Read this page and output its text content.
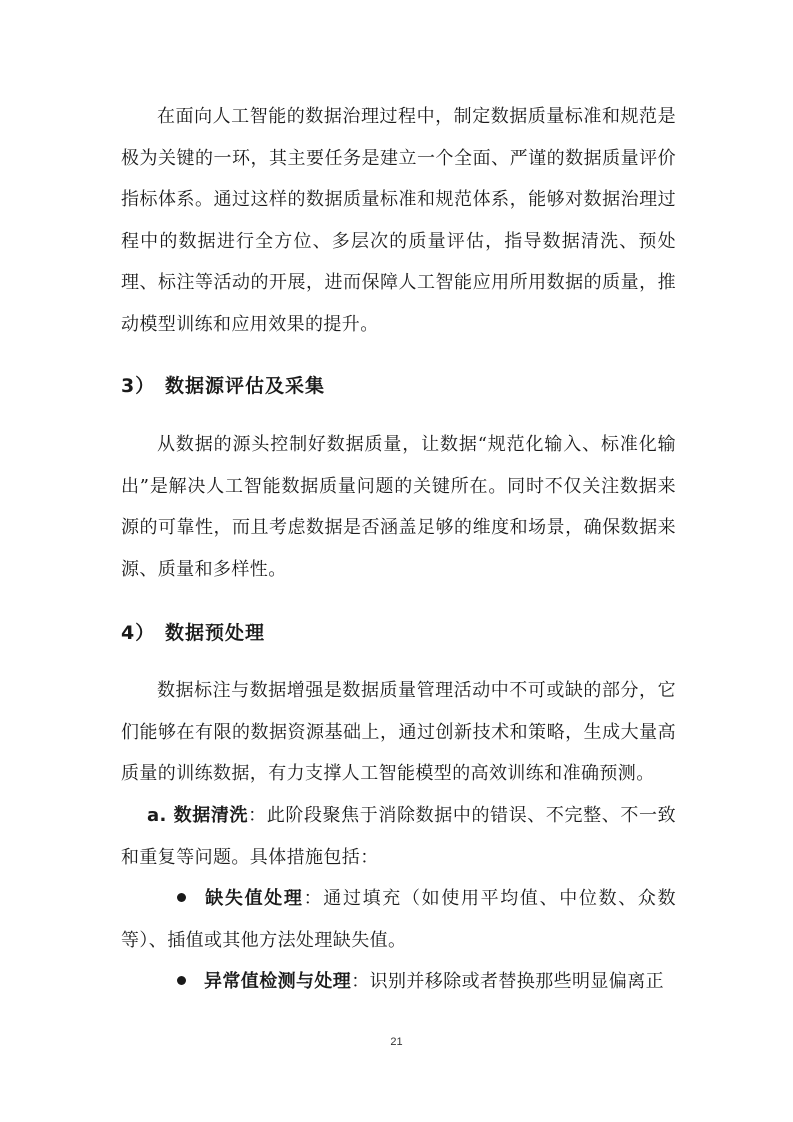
在面向人工智能的数据治理过程中，制定数据质量标准和规范是极为关键的一环，其主要任务是建立一个全面、严谨的数据质量评价指标体系。通过这样的数据质量标准和规范体系，能够对数据治理过程中的数据进行全方位、多层次的质量评估，指导数据清洗、预处理、标注等活动的开展，进而保障人工智能应用所用数据的质量，推动模型训练和应用效果的提升。

3） 数据源评估及采集

从数据的源头控制好数据质量，让数据“规范化输入、标准化输出”是解决人工智能数据质量问题的关键所在。同时不仅关注数据来源的可靠性，而且考虑数据是否涵盖足够的维度和场景，确保数据来源、质量和多样性。

4） 数据预处理

数据标注与数据增强是数据质量管理活动中不可或缺的部分，它们能够在有限的数据资源基础上，通过创新技术和策略，生成大量高质量的训练数据，有力支撑人工智能模型的高效训练和准确预测。

a. 数据清洗：此阶段聚焦于消除数据中的错误、不完整、不一致和重复等问题。具体措施包括：

缺失值处理：通过填充（如使用平均值、中位数、众数等）、插值或其他方法处理缺失值。

异常值检测与处理：识别并移除或者替换那些明显偏离正

21
